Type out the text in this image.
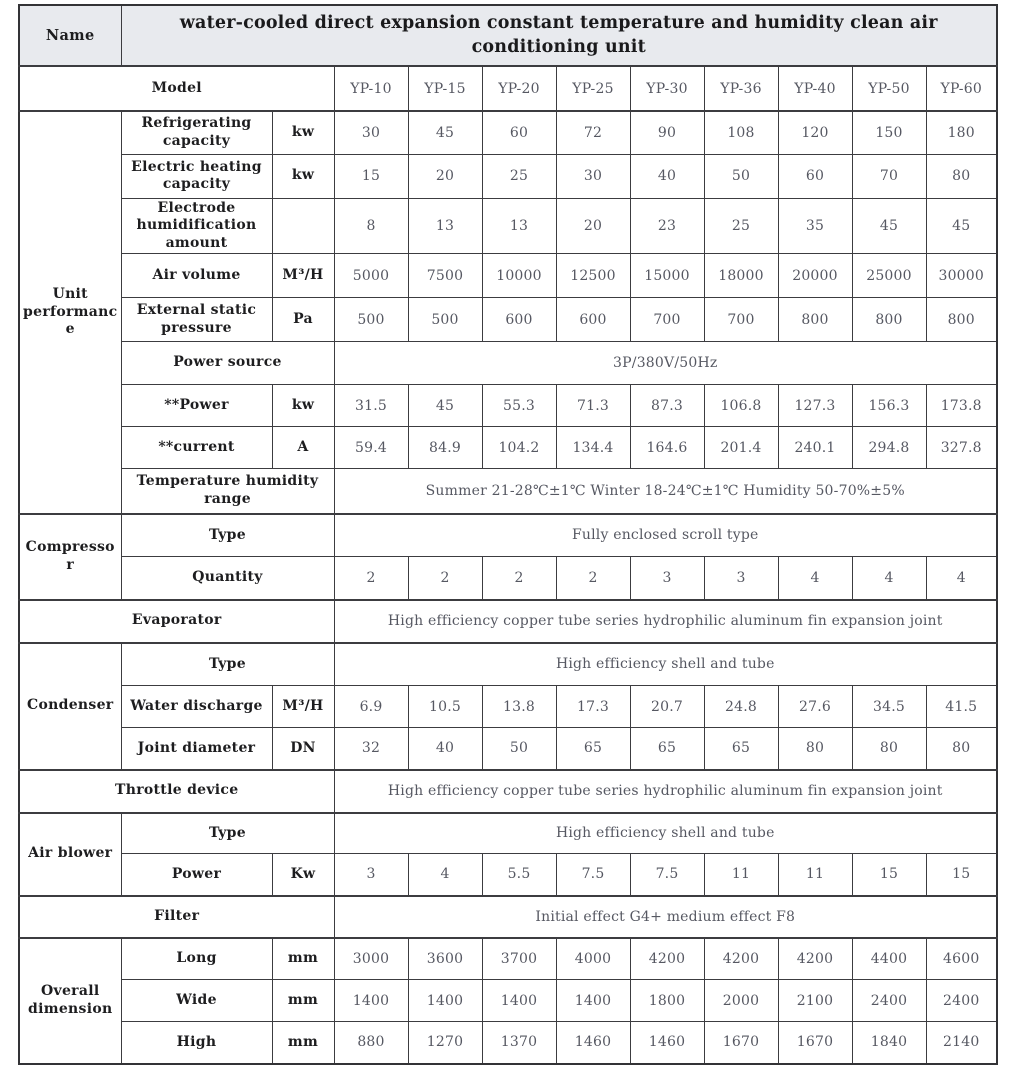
Name	water-cooled direct expansion constant temperature and humidity clean air conditioning unit										
Model			YP-10	YP-15	YP-20	YP-25	YP-30	YP-36	YP-40	YP-50	YP-60
Unit performance	Refrigerating capacity	kw	30	45	60	72	90	108	120	150	180
	Electric heating capacity	kw	15	20	25	30	40	50	60	70	80
	Electrode humidification amount		8	13	13	20	23	25	35	45	45
	Air volume	M³/H	5000	7500	10000	12500	15000	18000	20000	25000	30000
	External static pressure	Pa	500	500	600	600	700	700	800	800	800
	Power source		3P/380V/50Hz								
	**Power	kw	31.5	45	55.3	71.3	87.3	106.8	127.3	156.3	173.8
	**current	A	59.4	84.9	104.2	134.4	164.6	201.4	240.1	294.8	327.8
	Temperature humidity range		Summer 21-28℃±1℃ Winter 18-24℃±1℃ Humidity 50-70%±5%								
Compressor	Type		Fully enclosed scroll type								
	Quantity		2	2	2	2	3	3	4	4	4
Evaporator			High efficiency copper tube series hydrophilic aluminum fin expansion joint								
Condenser	Type		High efficiency shell and tube								
	Water discharge	M³/H	6.9	10.5	13.8	17.3	20.7	24.8	27.6	34.5	41.5
	Joint diameter	DN	32	40	50	65	65	65	80	80	80
Throttle device			High efficiency copper tube series hydrophilic aluminum fin expansion joint								
Air blower	Type		High efficiency shell and tube								
	Power	Kw	3	4	5.5	7.5	7.5	11	11	15	15
Filter			Initial effect G4+ medium effect F8								
Overall dimension	Long	mm	3000	3600	3700	4000	4200	4200	4200	4400	4600
	Wide	mm	1400	1400	1400	1400	1800	2000	2100	2400	2400
	High	mm	880	1270	1370	1460	1460	1670	1670	1840	2140
